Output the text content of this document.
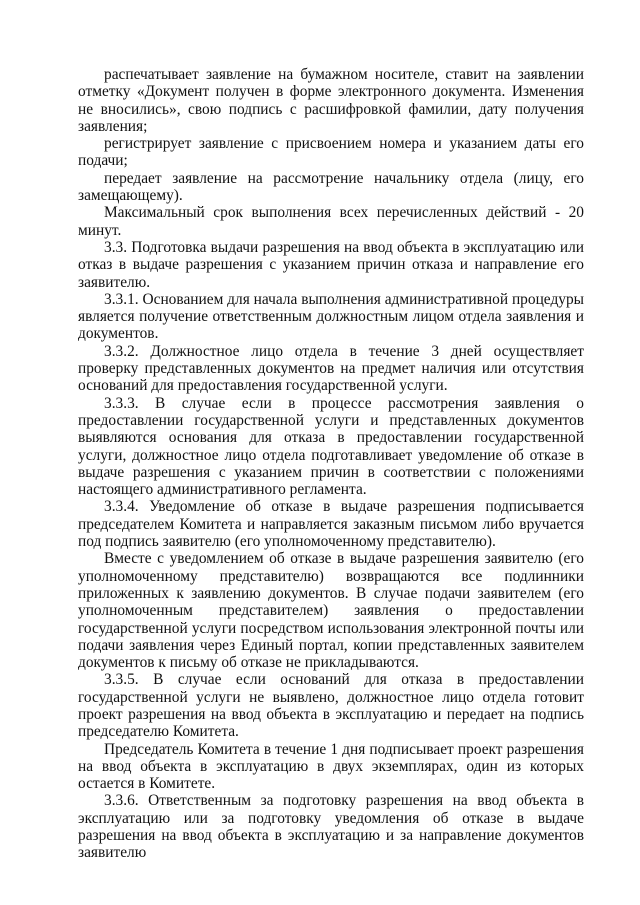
распечатывает заявление на бумажном носителе, ставит на заявлении отметку «Документ получен в форме электронного документа. Изменения не вносились», свою подпись с расшифровкой фамилии, дату получения заявления;

регистрирует заявление с присвоением номера и указанием даты его подачи;

передает заявление на рассмотрение начальнику отдела (лицу, его замещающему).

Максимальный срок выполнения всех перечисленных действий - 20 минут.

3.3. Подготовка выдачи разрешения на ввод объекта в эксплуатацию или отказ в выдаче разрешения с указанием причин отказа и направление его заявителю.

3.3.1. Основанием для начала выполнения административной процедуры является получение ответственным должностным лицом отдела заявления и документов.

3.3.2. Должностное лицо отдела в течение 3 дней осуществляет проверку представленных документов на предмет наличия или отсутствия оснований для предоставления государственной услуги.

3.3.3. В случае если в процессе рассмотрения заявления о предоставлении государственной услуги и представленных документов выявляются основания для отказа в предоставлении государственной услуги, должностное лицо отдела подготавливает уведомление об отказе в выдаче разрешения с указанием причин в соответствии с положениями настоящего административного регламента.

3.3.4. Уведомление об отказе в выдаче разрешения подписывается председателем Комитета и направляется заказным письмом либо вручается под подпись заявителю (его уполномоченному представителю).

Вместе с уведомлением об отказе в выдаче разрешения заявителю (его уполномоченному представителю) возвращаются все подлинники приложенных к заявлению документов. В случае подачи заявителем (его уполномоченным представителем) заявления о предоставлении государственной услуги посредством использования электронной почты или подачи заявления через Единый портал, копии представленных заявителем документов к письму об отказе не прикладываются.

3.3.5. В случае если оснований для отказа в предоставлении государственной услуги не выявлено, должностное лицо отдела готовит проект разрешения на ввод объекта в эксплуатацию и передает на подпись председателю Комитета.

Председатель Комитета в течение 1 дня подписывает проект разрешения на ввод объекта в эксплуатацию в двух экземплярах, один из которых остается в Комитете.

3.3.6. Ответственным за подготовку разрешения на ввод объекта в эксплуатацию или за подготовку уведомления об отказе в выдаче разрешения на ввод объекта в эксплуатацию и за направление документов заявителю
